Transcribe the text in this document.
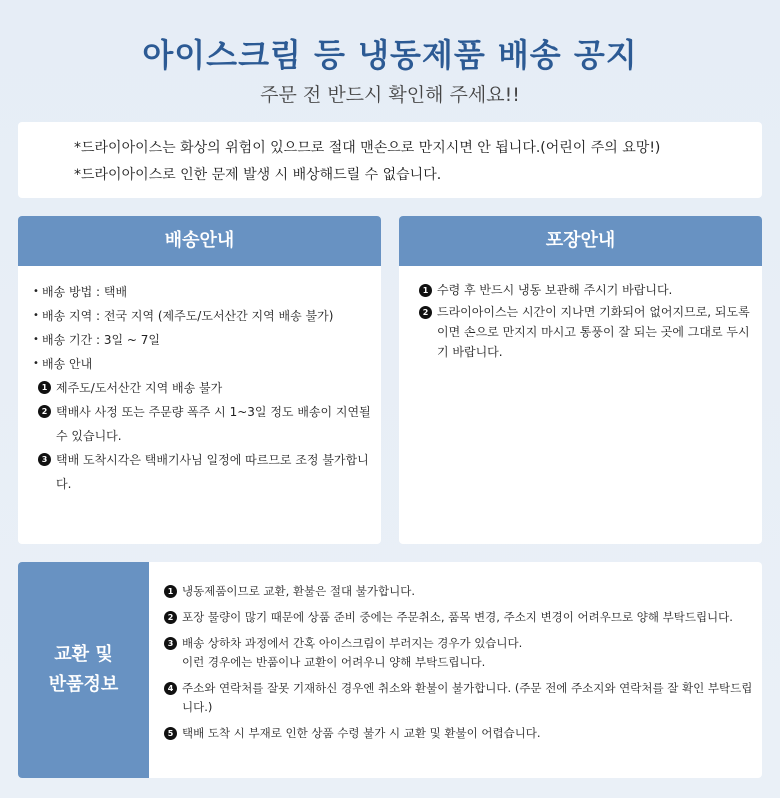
아이스크림 등 냉동제품 배송 공지
주문 전 반드시 확인해 주세요!!
*드라이아이스는 화상의 위험이 있으므로 절대 맨손으로 만지시면 안 됩니다.(어린이 주의 요망!)
*드라이아이스로 인한 문제 발생 시 배상해드릴 수 없습니다.
배송안내
• 배송 방법 : 택배
• 배송 지역 : 전국 지역 (제주도/도서산간 지역 배송 불가)
• 배송 기간 : 3일 ~ 7일
• 배송 안내
1 제주도/도서산간 지역 배송 불가
2 택배사 사정 또는 주문량 폭주 시 1~3일 정도 배송이 지연될 수 있습니다.
3 택배 도착시각은 택배기사님 일정에 따르므로 조정 불가합니다.
포장안내
1 수령 후 반드시 냉동 보관해 주시기 바랍니다.
2 드라이아이스는 시간이 지나면 기화되어 없어지므로, 되도록이면 손으로 만지지 마시고 통풍이 잘 되는 곳에 그대로 두시기 바랍니다.
교환 및
반품정보
1 냉동제품이므로 교환, 환불은 절대 불가합니다.
2 포장 물량이 많기 때문에 상품 준비 중에는 주문취소, 품목 변경, 주소지 변경이 어려우므로 양해 부탁드립니다.
3 배송 상하차 과정에서 간혹 아이스크림이 부러지는 경우가 있습니다.
이런 경우에는 반품이나 교환이 어려우니 양해 부탁드립니다.
4 주소와 연락처를 잘못 기재하신 경우엔 취소와 환불이 불가합니다. (주문 전에 주소지와 연락처를 잘 확인 부탁드립니다.)
5 택배 도착 시 부재로 인한 상품 수령 불가 시 교환 및 환불이 어렵습니다.
